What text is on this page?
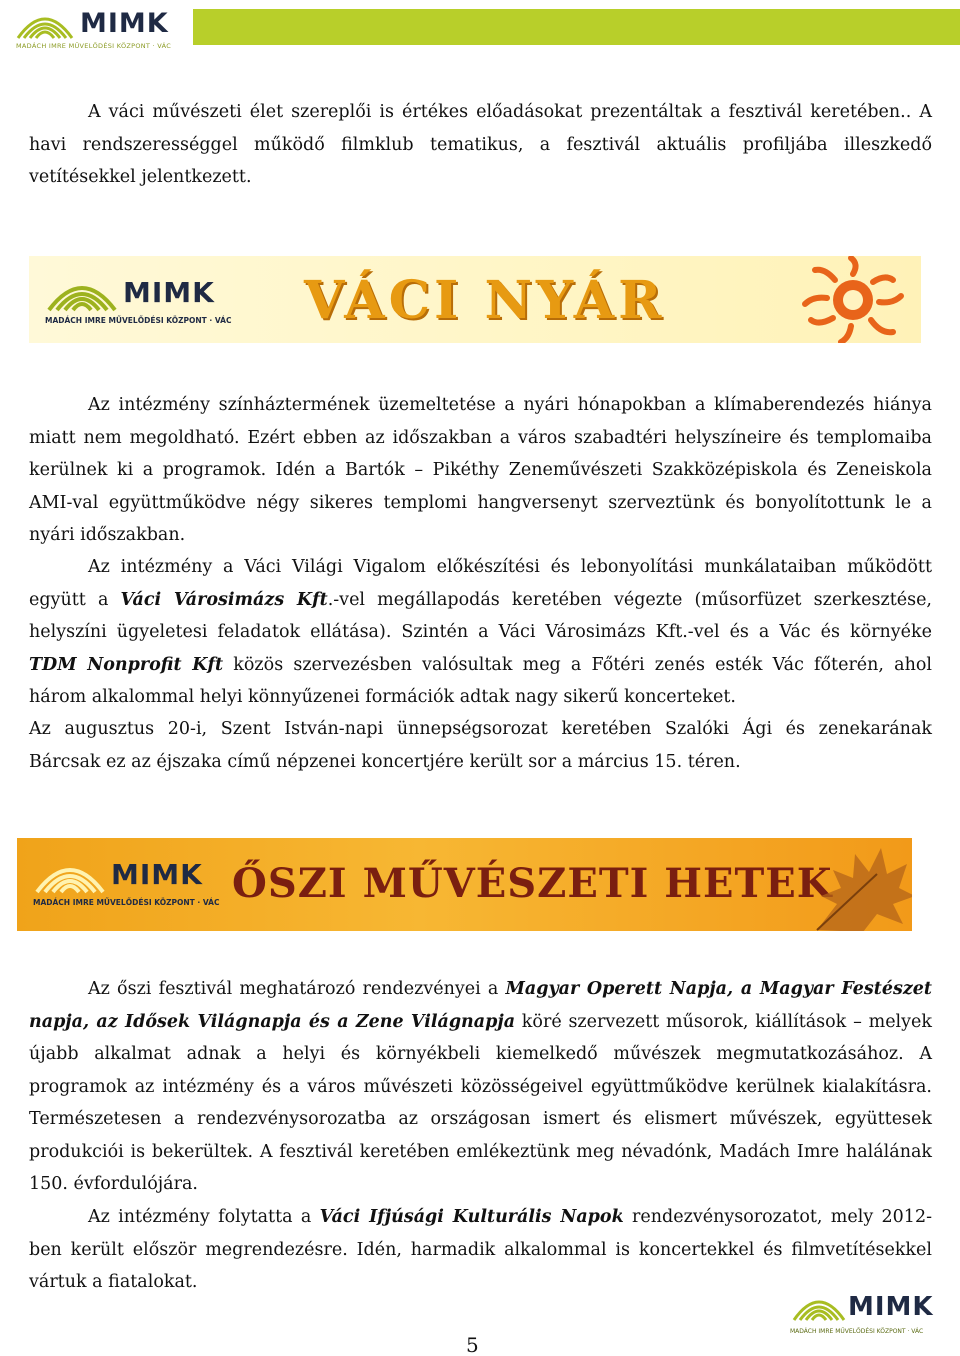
MIMK
MADÁCH IMRE MŰVELŐDÉSI KÖZPONT · VÁC
A váci művészeti élet szereplői is értékes előadásokat prezentáltak a fesztivál keretében.. A
havi rendszerességgel működő filmklub tematikus, a fesztivál aktuális profiljába illeszkedő
vetítésekkel jelentkezett.
MIMK
MADÁCH IMRE MŰVELŐDÉSI KÖZPONT · VÁC VÁCI NYÁR
Az intézmény színháztermének üzemeltetése a nyári hónapokban a klímaberendezés hiánya
miatt nem megoldható. Ezért ebben az időszakban a város szabadtéri helyszíneire és templomaiba
kerülnek ki a programok. Idén a Bartók – Pikéthy Zeneművészeti Szakközépiskola és Zeneiskola
AMI-val együttműködve négy sikeres templomi hangversenyt szerveztünk és bonyolítottunk le a
nyári időszakban.
Az intézmény a Váci Világi Vigalom előkészítési és lebonyolítási munkálataiban működött
együtt a Váci Városimázs Kft.-vel megállapodás keretében végezte (műsorfüzet szerkesztése,
helyszíni ügyeletesi feladatok ellátása). Szintén a Váci Városimázs Kft.-vel és a Vác és környéke
TDM Nonprofit Kft közös szervezésben valósultak meg a Főtéri zenés esték Vác főterén, ahol
három alkalommal helyi könnyűzenei formációk adtak nagy sikerű koncerteket.
Az augusztus 20-i, Szent István-napi ünnepségsorozat keretében Szalóki Ági és zenekarának
Bárcsak ez az éjszaka című népzenei koncertjére került sor a március 15. téren.
MIMK
MADÁCH IMRE MŰVELŐDÉSI KÖZPONT · VÁC ŐSZI MŰVÉSZETI HETEK
Az őszi fesztivál meghatározó rendezvényei a Magyar Operett Napja, a Magyar Festészet
napja, az Idősek Világnapja és a Zene Világnapja köré szervezett műsorok, kiállítások – melyek
újabb alkalmat adnak a helyi és környékbeli kiemelkedő művészek megmutatkozásához. A
programok az intézmény és a város művészeti közösségeivel együttműködve kerülnek kialakításra.
Természetesen a rendezvénysorozatba az országosan ismert és elismert művészek, együttesek
produkciói is bekerültek. A fesztivál keretében emlékeztünk meg névadónk, Madách Imre halálának
150. évfordulójára.
Az intézmény folytatta a Váci Ifjúsági Kulturális Napok rendezvénysorozatot, mely 2012-
ben került először megrendezésre. Idén, harmadik alkalommal is koncertekkel és filmvetítésekkel
vártuk a fiatalokat.
5
MIMK
MADÁCH IMRE MŰVELŐDÉSI KÖZPONT · VÁC
